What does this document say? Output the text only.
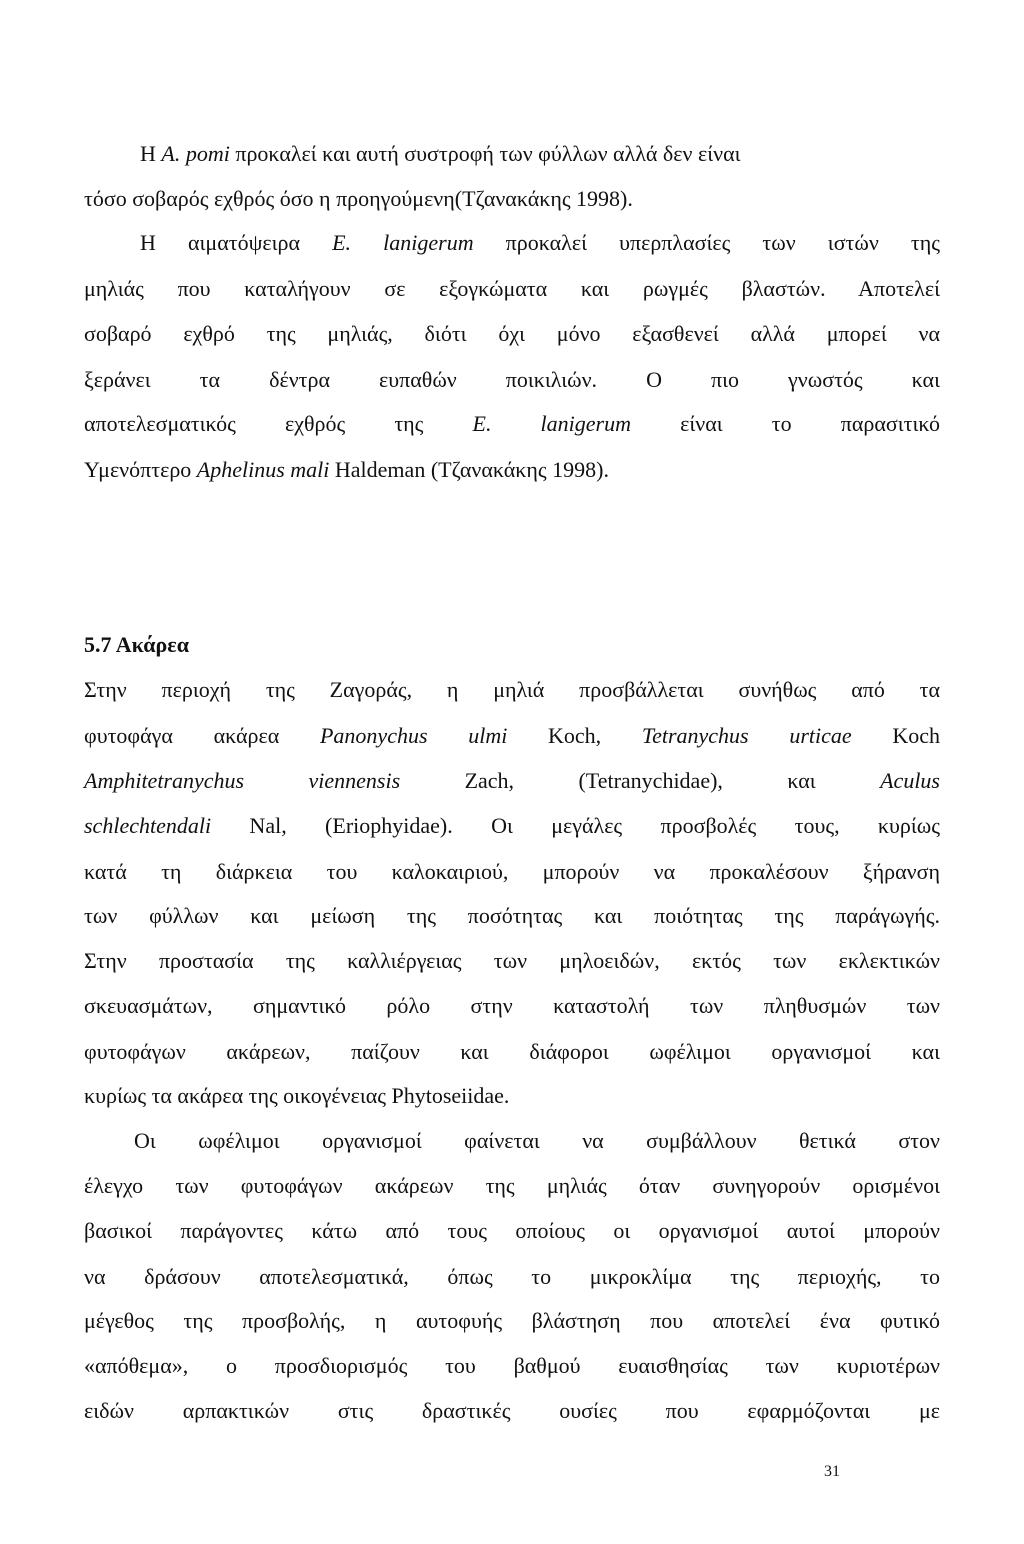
Η A. pomi προκαλεί και αυτή συστροφή των φύλλων αλλά δεν είναι
τόσο σοβαρός εχθρός όσο η προηγούμενη(Τζανακάκης 1998).
Η αιματόψειρα E. lanigerum προκαλεί υπερπλασίες των ιστών της
μηλιάς που καταλήγουν σε εξογκώματα και ρωγμές βλαστών. Αποτελεί
σοβαρό εχθρό της μηλιάς, διότι όχι μόνο εξασθενεί αλλά μπορεί να
ξεράνει τα δέντρα ευπαθών ποικιλιών. Ο πιο γνωστός και
αποτελεσματικός εχθρός της E. lanigerum είναι το παρασιτικό
Υμενόπτερο Aphelinus mali Haldeman (Τζανακάκης 1998).
5.7 Ακάρεα
Στην περιοχή της Ζαγοράς, η μηλιά προσβάλλεται συνήθως από τα
φυτοφάγα ακάρεα Panonychus ulmi Koch, Tetranychus urticae Koch
Amphitetranychus viennensis Zach, (Tetranychidae), και Aculus
schlechtendali Nal, (Eriophyidae). Οι μεγάλες προσβολές τους, κυρίως
κατά τη διάρκεια του καλοκαιριού, μπορούν να προκαλέσουν ξήρανση
των φύλλων και μείωση της ποσότητας και ποιότητας της παράγωγής.
Στην προστασία της καλλιέργειας των μηλοειδών, εκτός των εκλεκτικών
σκευασμάτων, σημαντικό ρόλο στην καταστολή των πληθυσμών των
φυτοφάγων ακάρεων, παίζουν και διάφοροι ωφέλιμοι οργανισμοί και
κυρίως τα ακάρεα της οικογένειας Phytoseiidae.
Οι ωφέλιμοι οργανισμοί φαίνεται να συμβάλλουν θετικά στον
έλεγχο των φυτοφάγων ακάρεων της μηλιάς όταν συνηγορούν ορισμένοι
βασικοί παράγοντες κάτω από τους οποίους οι οργανισμοί αυτοί μπορούν
να δράσουν αποτελεσματικά, όπως το μικροκλίμα της περιοχής, το
μέγεθος της προσβολής, η αυτοφυής βλάστηση που αποτελεί ένα φυτικό
«απόθεμα», ο προσδιορισμός του βαθμού ευαισθησίας των κυριοτέρων
ειδών αρπακτικών στις δραστικές ουσίες που εφαρμόζονται με
31
